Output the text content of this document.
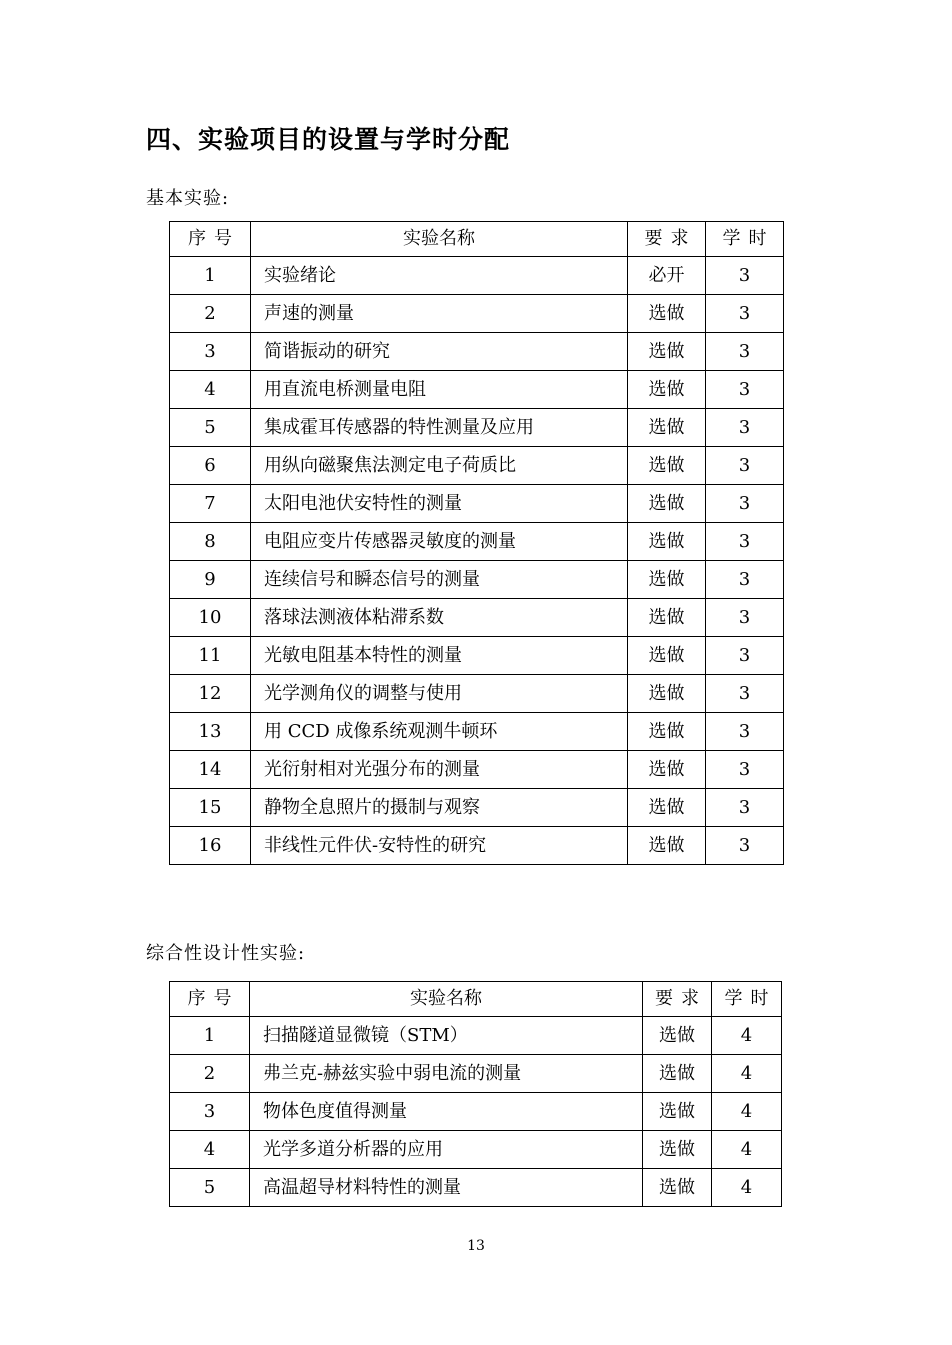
四、实验项目的设置与学时分配
基本实验:
序号	实验名称	要求	学时
1	实验绪论	必开	3
2	声速的测量	选做	3
3	简谐振动的研究	选做	3
4	用直流电桥测量电阻	选做	3
5	集成霍耳传感器的特性测量及应用	选做	3
6	用纵向磁聚焦法测定电子荷质比	选做	3
7	太阳电池伏安特性的测量	选做	3
8	电阻应变片传感器灵敏度的测量	选做	3
9	连续信号和瞬态信号的测量	选做	3
10	落球法测液体粘滞系数	选做	3
11	光敏电阻基本特性的测量	选做	3
12	光学测角仪的调整与使用	选做	3
13	用 CCD 成像系统观测牛顿环	选做	3
14	光衍射相对光强分布的测量	选做	3
15	静物全息照片的摄制与观察	选做	3
16	非线性元件伏-安特性的研究	选做	3
综合性设计性实验:
序号	实验名称	要求	学时
1	扫描隧道显微镜（STM）	选做	4
2	弗兰克-赫兹实验中弱电流的测量	选做	4
3	物体色度值得测量	选做	4
4	光学多道分析器的应用	选做	4
5	高温超导材料特性的测量	选做	4
13
